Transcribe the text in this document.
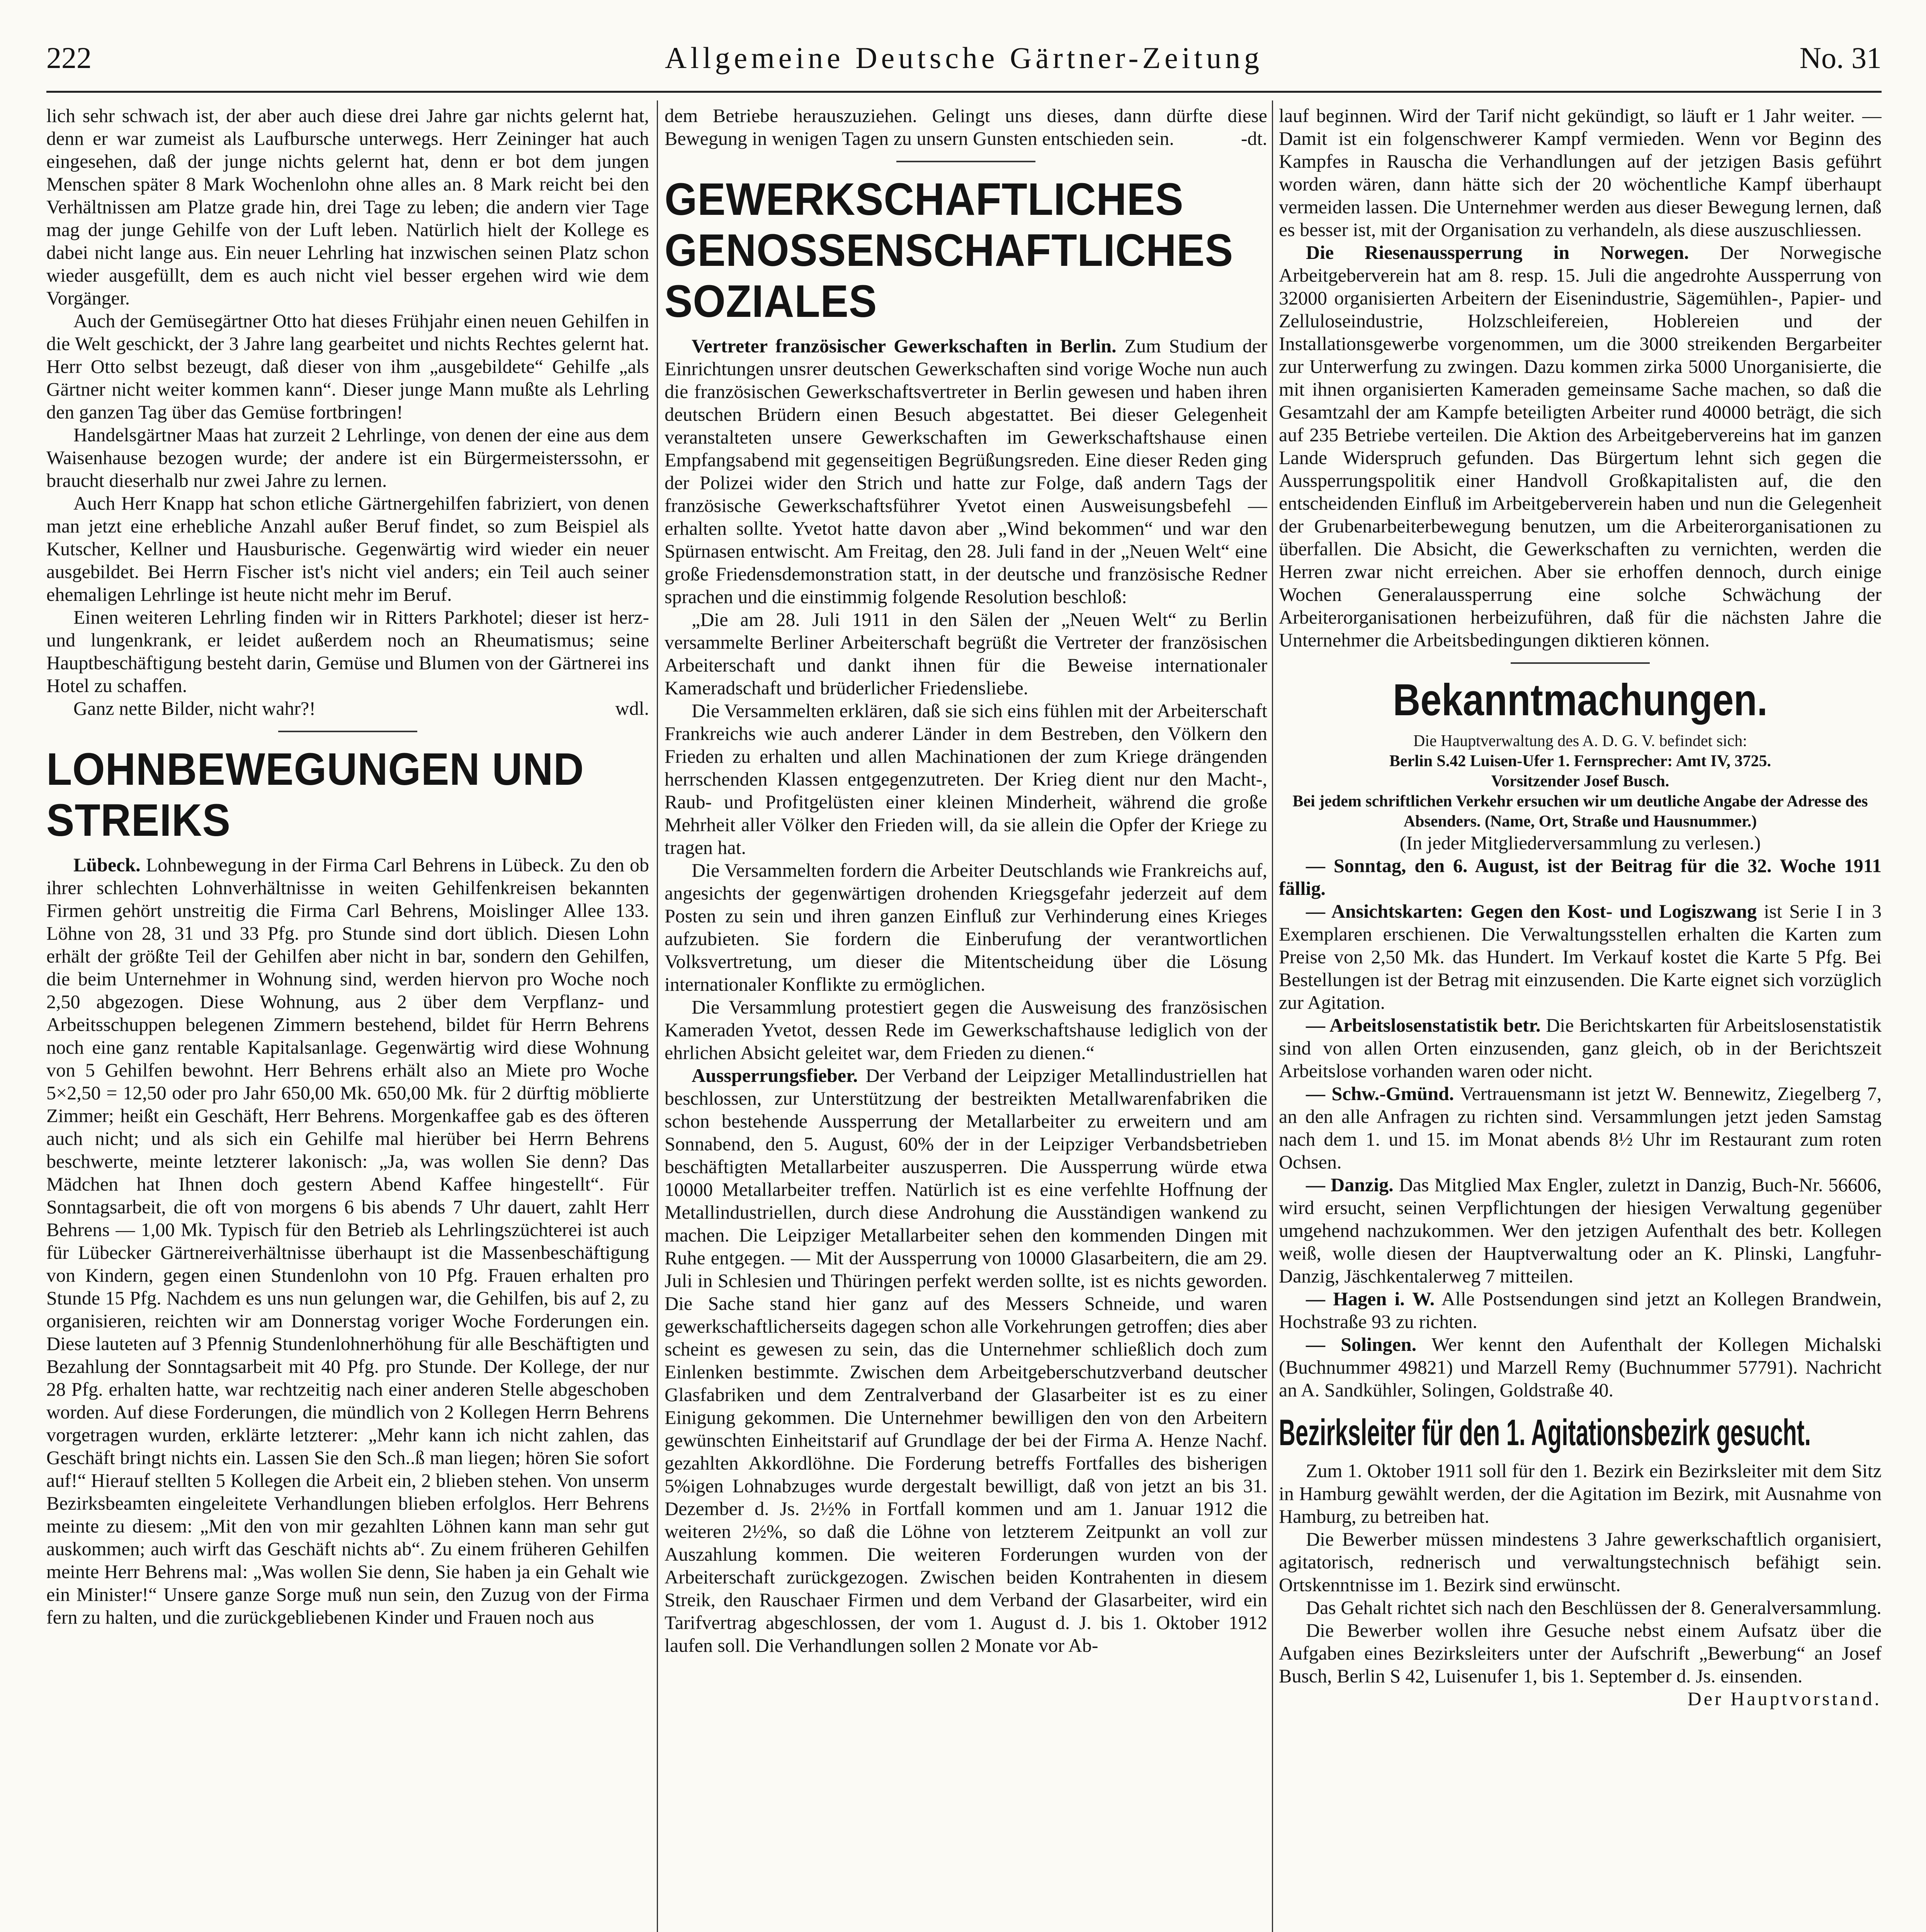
222	Allgemeine Deutsche Gärtner-Zeitung	No. 31

lich sehr schwach ist, der aber auch diese drei Jahre gar nichts gelernt hat, denn er war zumeist als Laufbursche unterwegs. Herr Zeininger hat auch eingesehen, daß der junge nichts gelernt hat, denn er bot dem jungen Menschen später 8 Mark Wochenlohn ohne alles an. 8 Mark reicht bei den Verhältnissen am Platze grade hin, drei Tage zu leben; die andern vier Tage mag der junge Gehilfe von der Luft leben. Natürlich hielt der Kollege es dabei nicht lange aus. Ein neuer Lehrling hat inzwischen seinen Platz schon wieder ausgefüllt, dem es auch nicht viel besser ergehen wird wie dem Vorgänger.

Auch der Gemüsegärtner Otto hat dieses Frühjahr einen neuen Gehilfen in die Welt geschickt, der 3 Jahre lang gearbeitet und nichts Rechtes gelernt hat. Herr Otto selbst bezeugt, daß dieser von ihm „ausgebildete“ Gehilfe „als Gärtner nicht weiter kommen kann“. Dieser junge Mann mußte als Lehrling den ganzen Tag über das Gemüse fortbringen!

Handelsgärtner Maas hat zurzeit 2 Lehrlinge, von denen der eine aus dem Waisenhause bezogen wurde; der andere ist ein Bürgermeisterssohn, er braucht dieserhalb nur zwei Jahre zu lernen.

Auch Herr Knapp hat schon etliche Gärtnergehilfen fabriziert, von denen man jetzt eine erhebliche Anzahl außer Beruf findet, so zum Beispiel als Kutscher, Kellner und Hausburische. Gegenwärtig wird wieder ein neuer ausgebildet. Bei Herrn Fischer ist's nicht viel anders; ein Teil auch seiner ehemaligen Lehrlinge ist heute nicht mehr im Beruf.

Einen weiteren Lehrling finden wir in Ritters Parkhotel; dieser ist herz- und lungenkrank, er leidet außerdem noch an Rheumatismus; seine Hauptbeschäftigung besteht darin, Gemüse und Blumen von der Gärtnerei ins Hotel zu schaffen.

Ganz nette Bilder, nicht wahr?!	wdl.

LOHNBEWEGUNGEN UND STREIKS

Lübeck. Lohnbewegung in der Firma Carl Behrens in Lübeck. Zu den ob ihrer schlechten Lohnverhältnisse in weiten Gehilfenkreisen bekannten Firmen gehört unstreitig die Firma Carl Behrens, Moislinger Allee 133. Löhne von 28, 31 und 33 Pfg. pro Stunde sind dort üblich. Diesen Lohn erhält der größte Teil der Gehilfen aber nicht in bar, sondern den Gehilfen, die beim Unternehmer in Wohnung sind, werden hiervon pro Woche noch 2,50 abgezogen. Diese Wohnung, aus 2 über dem Verpflanz- und Arbeitsschuppen belegenen Zimmern bestehend, bildet für Herrn Behrens noch eine ganz rentable Kapitalsanlage. Gegenwärtig wird diese Wohnung von 5 Gehilfen bewohnt. Herr Behrens erhält also an Miete pro Woche 5×2,50 = 12,50 oder pro Jahr 650,00 Mk. 650,00 Mk. für 2 dürftig möblierte Zimmer; heißt ein Geschäft, Herr Behrens. Morgenkaffee gab es des öfteren auch nicht; und als sich ein Gehilfe mal hierüber bei Herrn Behrens beschwerte, meinte letzterer lakonisch: „Ja, was wollen Sie denn? Das Mädchen hat Ihnen doch gestern Abend Kaffee hingestellt“. Für Sonntagsarbeit, die oft von morgens 6 bis abends 7 Uhr dauert, zahlt Herr Behrens — 1,00 Mk. Typisch für den Betrieb als Lehrlingszüchterei ist auch für Lübecker Gärtnereiverhältnisse überhaupt ist die Massenbeschäftigung von Kindern, gegen einen Stundenlohn von 10 Pfg. Frauen erhalten pro Stunde 15 Pfg. Nachdem es uns nun gelungen war, die Gehilfen, bis auf 2, zu organisieren, reichten wir am Donnerstag voriger Woche Forderungen ein. Diese lauteten auf 3 Pfennig Stundenlohnerhöhung für alle Beschäftigten und Bezahlung der Sonntagsarbeit mit 40 Pfg. pro Stunde. Der Kollege, der nur 28 Pfg. erhalten hatte, war rechtzeitig nach einer anderen Stelle abgeschoben worden. Auf diese Forderungen, die mündlich von 2 Kollegen Herrn Behrens vorgetragen wurden, erklärte letzterer: „Mehr kann ich nicht zahlen, das Geschäft bringt nichts ein. Lassen Sie den Sch..ß man liegen; hören Sie sofort auf!“ Hierauf stellten 5 Kollegen die Arbeit ein, 2 blieben stehen. Von unserm Bezirksbeamten eingeleitete Verhandlungen blieben erfolglos. Herr Behrens meinte zu diesem: „Mit den von mir gezahlten Löhnen kann man sehr gut auskommen; auch wirft das Geschäft nichts ab“. Zu einem früheren Gehilfen meinte Herr Behrens mal: „Was wollen Sie denn, Sie haben ja ein Gehalt wie ein Minister!“ Unsere ganze Sorge muß nun sein, den Zuzug von der Firma fern zu halten, und die zurückgebliebenen Kinder und Frauen noch aus

dem Betriebe herauszuziehen. Gelingt uns dieses, dann dürfte diese Bewegung in wenigen Tagen zu unsern Gunsten entschieden sein.	-dt.

GEWERKSCHAFTLICHES GENOSSENSCHAFTLICHES SOZIALES

Vertreter französischer Gewerkschaften in Berlin. Zum Studium der Einrichtungen unsrer deutschen Gewerkschaften sind vorige Woche nun auch die französischen Gewerkschaftsvertreter in Berlin gewesen und haben ihren deutschen Brüdern einen Besuch abgestattet. Bei dieser Gelegenheit veranstalteten unsere Gewerkschaften im Gewerkschaftshause einen Empfangsabend mit gegenseitigen Begrüßungsreden. Eine dieser Reden ging der Polizei wider den Strich und hatte zur Folge, daß andern Tags der französische Gewerkschaftsführer Yvetot einen Ausweisungsbefehl — erhalten sollte. Yvetot hatte davon aber „Wind bekommen“ und war den Spürnasen entwischt. Am Freitag, den 28. Juli fand in der „Neuen Welt“ eine große Friedensdemonstration statt, in der deutsche und französische Redner sprachen und die einstimmig folgende Resolution beschloß:

„Die am 28. Juli 1911 in den Sälen der „Neuen Welt“ zu Berlin versammelte Berliner Arbeiterschaft begrüßt die Vertreter der französischen Arbeiterschaft und dankt ihnen für die Beweise internationaler Kameradschaft und brüderlicher Friedensliebe.

Die Versammelten erklären, daß sie sich eins fühlen mit der Arbeiterschaft Frankreichs wie auch anderer Länder in dem Bestreben, den Völkern den Frieden zu erhalten und allen Machinationen der zum Kriege drängenden herrschenden Klassen entgegenzutreten. Der Krieg dient nur den Macht-, Raub- und Profitgelüsten einer kleinen Minderheit, während die große Mehrheit aller Völker den Frieden will, da sie allein die Opfer der Kriege zu tragen hat.

Die Versammelten fordern die Arbeiter Deutschlands wie Frankreichs auf, angesichts der gegenwärtigen drohenden Kriegsgefahr jederzeit auf dem Posten zu sein und ihren ganzen Einfluß zur Verhinderung eines Krieges aufzubieten. Sie fordern die Einberufung der verantwortlichen Volksvertretung, um dieser die Mitentscheidung über die Lösung internationaler Konflikte zu ermöglichen.

Die Versammlung protestiert gegen die Ausweisung des französischen Kameraden Yvetot, dessen Rede im Gewerkschaftshause lediglich von der ehrlichen Absicht geleitet war, dem Frieden zu dienen.“

Aussperrungsfieber. Der Verband der Leipziger Metallindustriellen hat beschlossen, zur Unterstützung der bestreikten Metallwarenfabriken die schon bestehende Aussperrung der Metallarbeiter zu erweitern und am Sonnabend, den 5. August, 60% der in der Leipziger Verbandsbetrieben beschäftigten Metallarbeiter auszusperren. Die Aussperrung würde etwa 10000 Metallarbeiter treffen. Natürlich ist es eine verfehlte Hoffnung der Metallindustriellen, durch diese Androhung die Ausständigen wankend zu machen. Die Leipziger Metallarbeiter sehen den kommenden Dingen mit Ruhe entgegen. — Mit der Aussperrung von 10000 Glasarbeitern, die am 29. Juli in Schlesien und Thüringen perfekt werden sollte, ist es nichts geworden. Die Sache stand hier ganz auf des Messers Schneide, und waren gewerkschaftlicherseits dagegen schon alle Vorkehrungen getroffen; dies aber scheint es gewesen zu sein, das die Unternehmer schließlich doch zum Einlenken bestimmte. Zwischen dem Arbeitgeberschutzverband deutscher Glasfabriken und dem Zentralverband der Glasarbeiter ist es zu einer Einigung gekommen. Die Unternehmer bewilligen den von den Arbeitern gewünschten Einheitstarif auf Grundlage der bei der Firma A. Henze Nachf. gezahlten Akkordlöhne. Die Forderung betreffs Fortfalles des bisherigen 5%igen Lohnabzuges wurde dergestalt bewilligt, daß von jetzt an bis 31. Dezember d. Js. 2½% in Fortfall kommen und am 1. Januar 1912 die weiteren 2½%, so daß die Löhne von letzterem Zeitpunkt an voll zur Auszahlung kommen. Die weiteren Forderungen wurden von der Arbeiterschaft zurückgezogen. Zwischen beiden Kontrahenten in diesem Streik, den Rauschaer Firmen und dem Verband der Glasarbeiter, wird ein Tarifvertrag abgeschlossen, der vom 1. August d. J. bis 1. Oktober 1912 laufen soll. Die Verhandlungen sollen 2 Monate vor Ab-

lauf beginnen. Wird der Tarif nicht gekündigt, so läuft er 1 Jahr weiter. — Damit ist ein folgenschwerer Kampf vermieden. Wenn vor Beginn des Kampfes in Rauscha die Verhandlungen auf der jetzigen Basis geführt worden wären, dann hätte sich der 20 wöchentliche Kampf überhaupt vermeiden lassen. Die Unternehmer werden aus dieser Bewegung lernen, daß es besser ist, mit der Organisation zu verhandeln, als diese auszuschliessen.

Die Riesenaussperrung in Norwegen. Der Norwegische Arbeitgeberverein hat am 8. resp. 15. Juli die angedrohte Aussperrung von 32000 organisierten Arbeitern der Eisenindustrie, Sägemühlen-, Papier- und Zelluloseindustrie, Holzschleifereien, Hoblereien und der Installationsgewerbe vorgenommen, um die 3000 streikenden Bergarbeiter zur Unterwerfung zu zwingen. Dazu kommen zirka 5000 Unorganisierte, die mit ihnen organisierten Kameraden gemeinsame Sache machen, so daß die Gesamtzahl der am Kampfe beteiligten Arbeiter rund 40000 beträgt, die sich auf 235 Betriebe verteilen. Die Aktion des Arbeitgebervereins hat im ganzen Lande Widerspruch gefunden. Das Bürgertum lehnt sich gegen die Aussperrungspolitik einer Handvoll Großkapitalisten auf, die den entscheidenden Einfluß im Arbeitgeberverein haben und nun die Gelegenheit der Grubenarbeiterbewegung benutzen, um die Arbeiterorganisationen zu überfallen. Die Absicht, die Gewerkschaften zu vernichten, werden die Herren zwar nicht erreichen. Aber sie erhoffen dennoch, durch einige Wochen Generalaussperrung eine solche Schwächung der Arbeiterorganisationen herbeizuführen, daß für die nächsten Jahre die Unternehmer die Arbeitsbedingungen diktieren können.

Bekanntmachungen.

Die Hauptverwaltung des A. D. G. V. befindet sich:

Berlin S.42 Luisen-Ufer 1. Fernsprecher: Amt IV, 3725.

Vorsitzender Josef Busch.

Bei jedem schriftlichen Verkehr ersuchen wir um deutliche Angabe der Adresse des Absenders. (Name, Ort, Straße und Hausnummer.)

(In jeder Mitgliederversammlung zu verlesen.)

— Sonntag, den 6. August, ist der Beitrag für die 32. Woche 1911 fällig.

— Ansichtskarten: Gegen den Kost- und Logiszwang ist Serie I in 3 Exemplaren erschienen. Die Verwaltungsstellen erhalten die Karten zum Preise von 2,50 Mk. das Hundert. Im Verkauf kostet die Karte 5 Pfg. Bei Bestellungen ist der Betrag mit einzusenden. Die Karte eignet sich vorzüglich zur Agitation.

— Arbeitslosenstatistik betr. Die Berichtskarten für Arbeitslosenstatistik sind von allen Orten einzusenden, ganz gleich, ob in der Berichtszeit Arbeitslose vorhanden waren oder nicht.

— Schw.-Gmünd. Vertrauensmann ist jetzt W. Bennewitz, Ziegelberg 7, an den alle Anfragen zu richten sind. Versammlungen jetzt jeden Samstag nach dem 1. und 15. im Monat abends 8½ Uhr im Restaurant zum roten Ochsen.

— Danzig. Das Mitglied Max Engler, zuletzt in Danzig, Buch-Nr. 56606, wird ersucht, seinen Verpflichtungen der hiesigen Verwaltung gegenüber umgehend nachzukommen. Wer den jetzigen Aufenthalt des betr. Kollegen weiß, wolle diesen der Hauptverwaltung oder an K. Plinski, Langfuhr-Danzig, Jäschkentalerweg 7 mitteilen.

— Hagen i. W. Alle Postsendungen sind jetzt an Kollegen Brandwein, Hochstraße 93 zu richten.

— Solingen. Wer kennt den Aufenthalt der Kollegen Michalski (Buchnummer 49821) und Marzell Remy (Buchnummer 57791). Nachricht an A. Sandkühler, Solingen, Goldstraße 40.

Bezirksleiter für den 1. Agitationsbezirk gesucht.

Zum 1. Oktober 1911 soll für den 1. Bezirk ein Bezirksleiter mit dem Sitz in Hamburg gewählt werden, der die Agitation im Bezirk, mit Ausnahme von Hamburg, zu betreiben hat.

Die Bewerber müssen mindestens 3 Jahre gewerkschaftlich organisiert, agitatorisch, rednerisch und verwaltungstechnisch befähigt sein. Ortskenntnisse im 1. Bezirk sind erwünscht.

Das Gehalt richtet sich nach den Beschlüssen der 8. Generalversammlung.

Die Bewerber wollen ihre Gesuche nebst einem Aufsatz über die Aufgaben eines Bezirksleiters unter der Aufschrift „Bewerbung“ an Josef Busch, Berlin S 42, Luisenufer 1, bis 1. September d. Js. einsenden.

Der Hauptvorstand.
